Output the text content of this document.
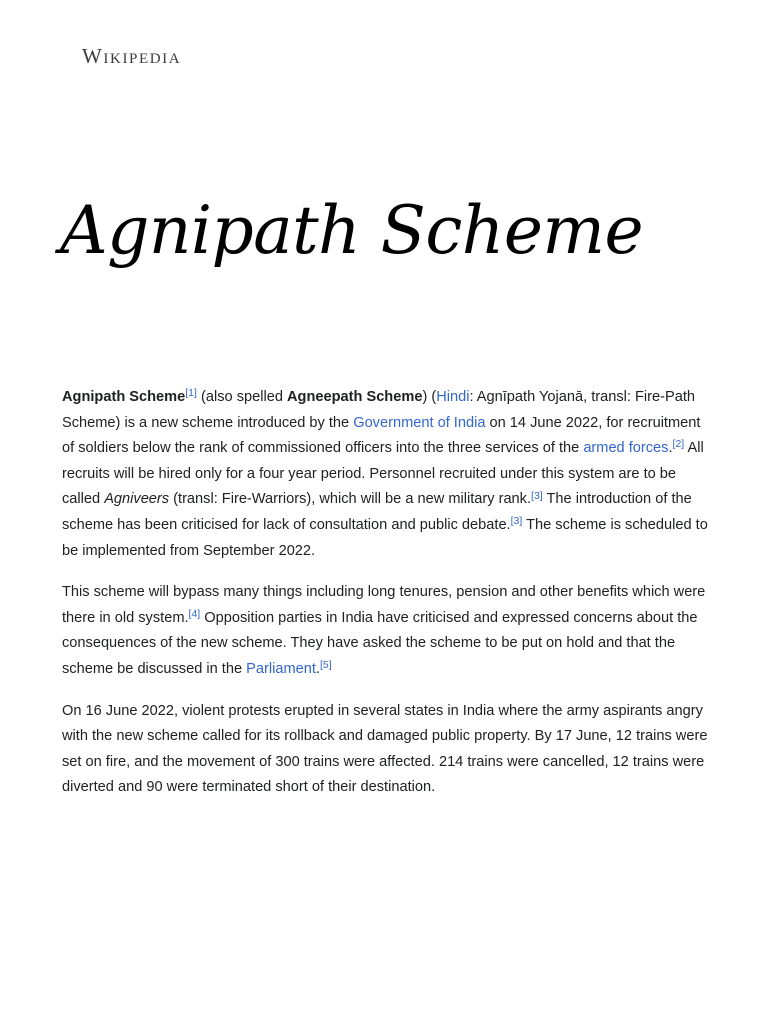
Wikipedia
Agnipath Scheme

Agnipath Scheme[1] (also spelled Agneepath Scheme) (Hindi: Agnīpath Yojanā, transl: Fire-Path Scheme) is a new scheme introduced by the Government of India on 14 June 2022, for recruitment of soldiers below the rank of commissioned officers into the three services of the armed forces.[2] All recruits will be hired only for a four year period. Personnel recruited under this system are to be called Agniveers (transl: Fire-Warriors), which will be a new military rank.[3] The introduction of the scheme has been criticised for lack of consultation and public debate.[3] The scheme is scheduled to be implemented from September 2022.

This scheme will bypass many things including long tenures, pension and other benefits which were there in old system.[4] Opposition parties in India have criticised and expressed concerns about the consequences of the new scheme. They have asked the scheme to be put on hold and that the scheme be discussed in the Parliament.[5]

On 16 June 2022, violent protests erupted in several states in India where the army aspirants angry with the new scheme called for its rollback and damaged public property. By 17 June, 12 trains were set on fire, and the movement of 300 trains were affected. 214 trains were cancelled, 12 trains were diverted and 90 were terminated short of their destination.
